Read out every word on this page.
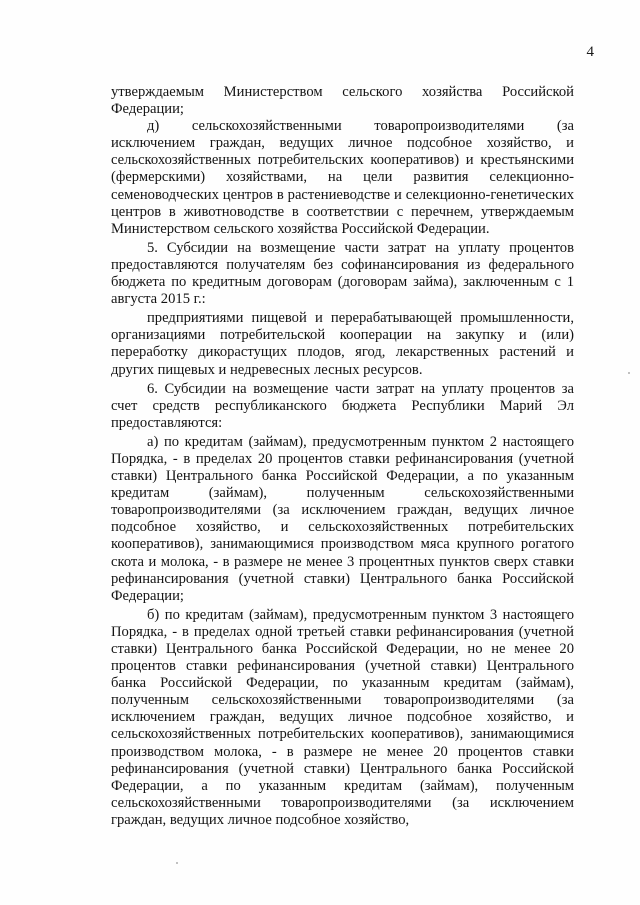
4

утверждаемым Министерством сельского хозяйства Российской Федерации;

д) сельскохозяйственными товаропроизводителями (за исключением граждан, ведущих личное подсобное хозяйство, и сельскохозяйственных потребительских кооперативов) и крестьянскими (фермерскими) хозяйствами, на цели развития селекционно-семеноводческих центров в растениеводстве и селекционно-генетических центров в животноводстве в соответствии с перечнем, утверждаемым Министерством сельского хозяйства Российской Федерации.

5. Субсидии на возмещение части затрат на уплату процентов предоставляются получателям без софинансирования из федерального бюджета по кредитным договорам (договорам займа), заключенным с 1 августа 2015 г.:

предприятиями пищевой и перерабатывающей промышленности, организациями потребительской кооперации на закупку и (или) переработку дикорастущих плодов, ягод, лекарственных растений и других пищевых и недревесных лесных ресурсов.

6. Субсидии на возмещение части затрат на уплату процентов за счет средств республиканского бюджета Республики Марий Эл предоставляются:

а) по кредитам (займам), предусмотренным пунктом 2 настоящего Порядка, - в пределах 20 процентов ставки рефинансирования (учетной ставки) Центрального банка Российской Федерации, а по указанным кредитам (займам), полученным сельскохозяйственными товаропроизводителями (за исключением граждан, ведущих личное подсобное хозяйство, и сельскохозяйственных потребительских кооперативов), занимающимися производством мяса крупного рогатого скота и молока, - в размере не менее 3 процентных пунктов сверх ставки рефинансирования (учетной ставки) Центрального банка Российской Федерации;

б) по кредитам (займам), предусмотренным пунктом 3 настоящего Порядка, - в пределах одной третьей ставки рефинансирования (учетной ставки) Центрального банка Российской Федерации, но не менее 20 процентов ставки рефинансирования (учетной ставки) Центрального банка Российской Федерации, по указанным кредитам (займам), полученным сельскохозяйственными товаропроизводителями (за исключением граждан, ведущих личное подсобное хозяйство, и сельскохозяйственных потребительских кооперативов), занимающимися производством молока, - в размере не менее 20 процентов ставки рефинансирования (учетной ставки) Центрального банка Российской Федерации, а по указанным кредитам (займам), полученным сельскохозяйственными товаропроизводителями (за исключением граждан, ведущих личное подсобное хозяйство,
